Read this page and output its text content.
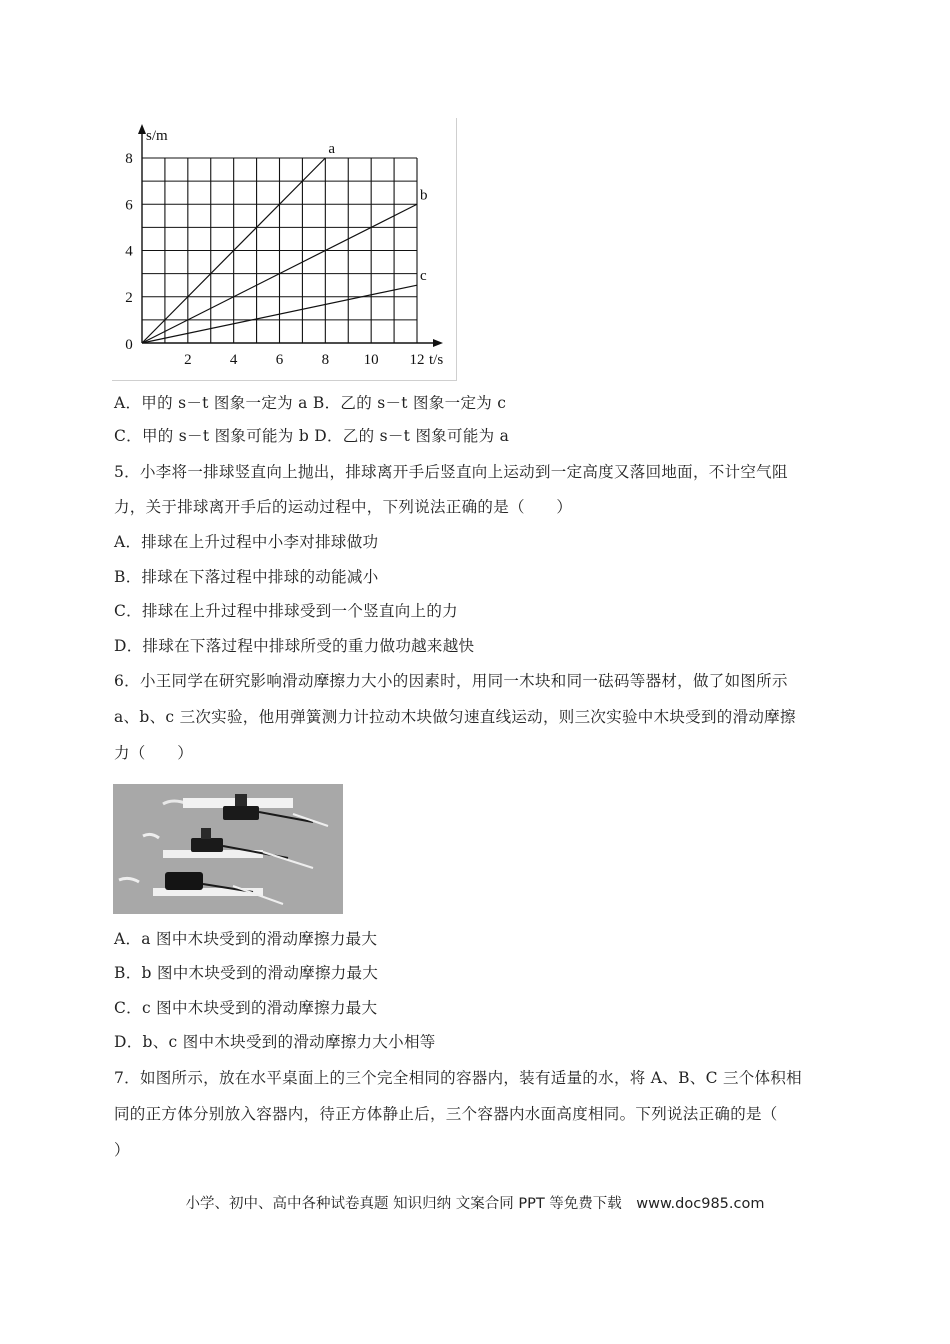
a
b
c
2	4	6	8 10 12
2
4
6
8
0
t/s
s/m
A．甲的 s－t 图象一定为 a B．乙的 s－t 图象一定为 c
C．甲的 s－t 图象可能为 b D．乙的 s－t 图象可能为 a
5．小李将一排球竖直向上抛出，排球离开手后竖直向上运动到一定高度又落回地面，不计空气阻
力，关于排球离开手后的运动过程中，下列说法正确的是（　　）
A．排球在上升过程中小李对排球做功
B．排球在下落过程中排球的动能减小
C．排球在上升过程中排球受到一个竖直向上的力
D．排球在下落过程中排球所受的重力做功越来越快
6．小王同学在研究影响滑动摩擦力大小的因素时，用同一木块和同一砝码等器材，做了如图所示
a、b、c 三次实验，他用弹簧测力计拉动木块做匀速直线运动，则三次实验中木块受到的滑动摩擦
力（　　）
A．a 图中木块受到的滑动摩擦力最大
B．b 图中木块受到的滑动摩擦力最大
C．c 图中木块受到的滑动摩擦力最大
D．b、c 图中木块受到的滑动摩擦力大小相等
7．如图所示，放在水平桌面上的三个完全相同的容器内，装有适量的水，将 A、B、C 三个体积相
同的正方体分别放入容器内，待正方体静止后，三个容器内水面高度相同。下列说法正确的是（
）
小学、初中、高中各种试卷真题 知识归纳 文案合同 PPT 等免费下载　www.doc985.com
